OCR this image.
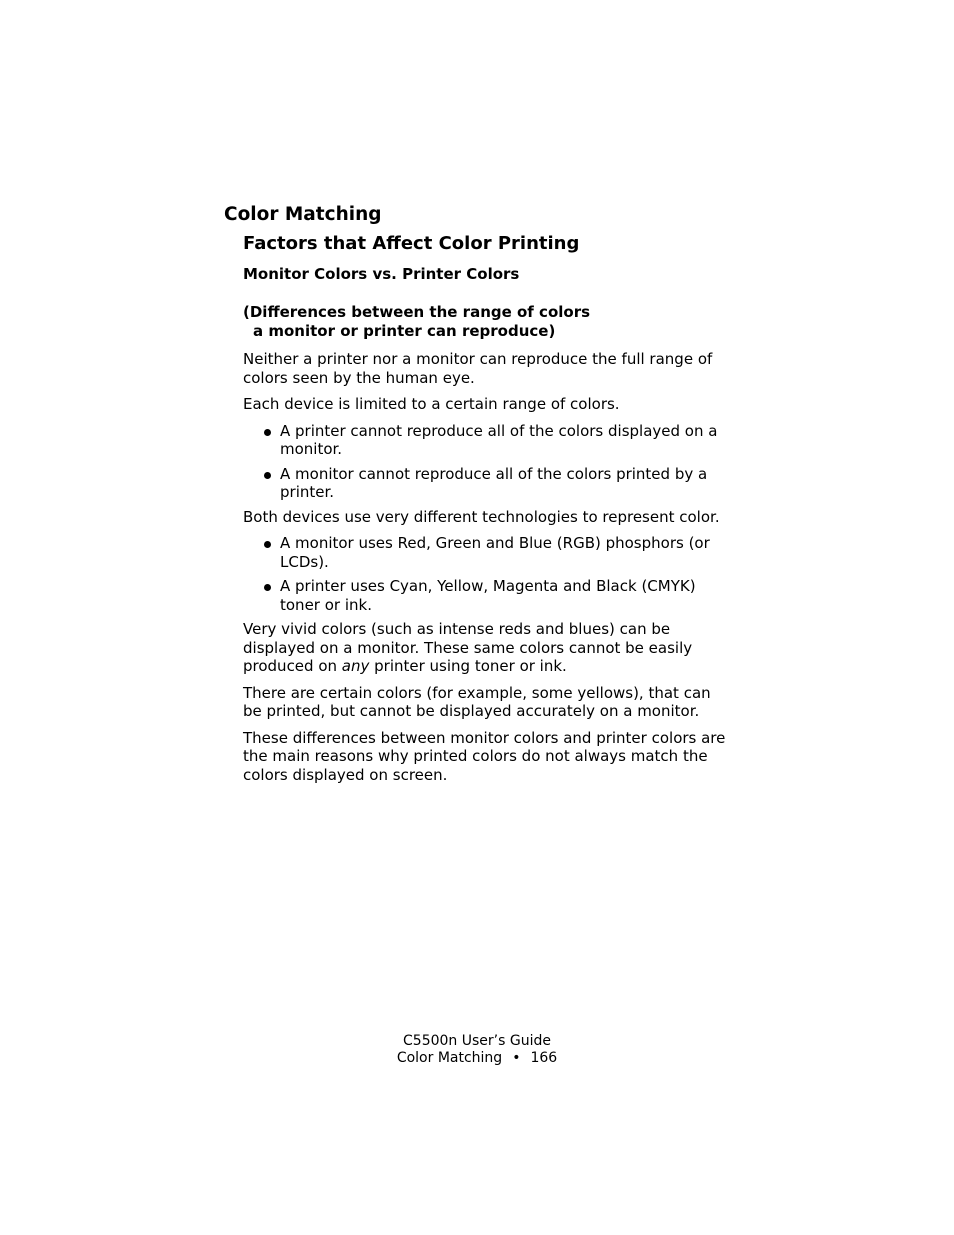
Color Matching
Factors that Affect Color Printing
Monitor Colors vs. Printer Colors
(Differences between the range of colors
a monitor or printer can reproduce)

Neither a printer nor a monitor can reproduce the full range of colors seen by the human eye.

Each device is limited to a certain range of colors.

A printer cannot reproduce all of the colors displayed on a monitor.
A monitor cannot reproduce all of the colors printed by a printer.

Both devices use very different technologies to represent color.

A monitor uses Red, Green and Blue (RGB) phosphors (or LCDs).
A printer uses Cyan, Yellow, Magenta and Black (CMYK) toner or ink.

Very vivid colors (such as intense reds and blues) can be displayed on a monitor. These same colors cannot be easily produced on any printer using toner or ink.

There are certain colors (for example, some yellows), that can be printed, but cannot be displayed accurately on a monitor.

These differences between monitor colors and printer colors are the main reasons why printed colors do not always match the colors displayed on screen.

C5500n User’s Guide
Color Matching • 166
